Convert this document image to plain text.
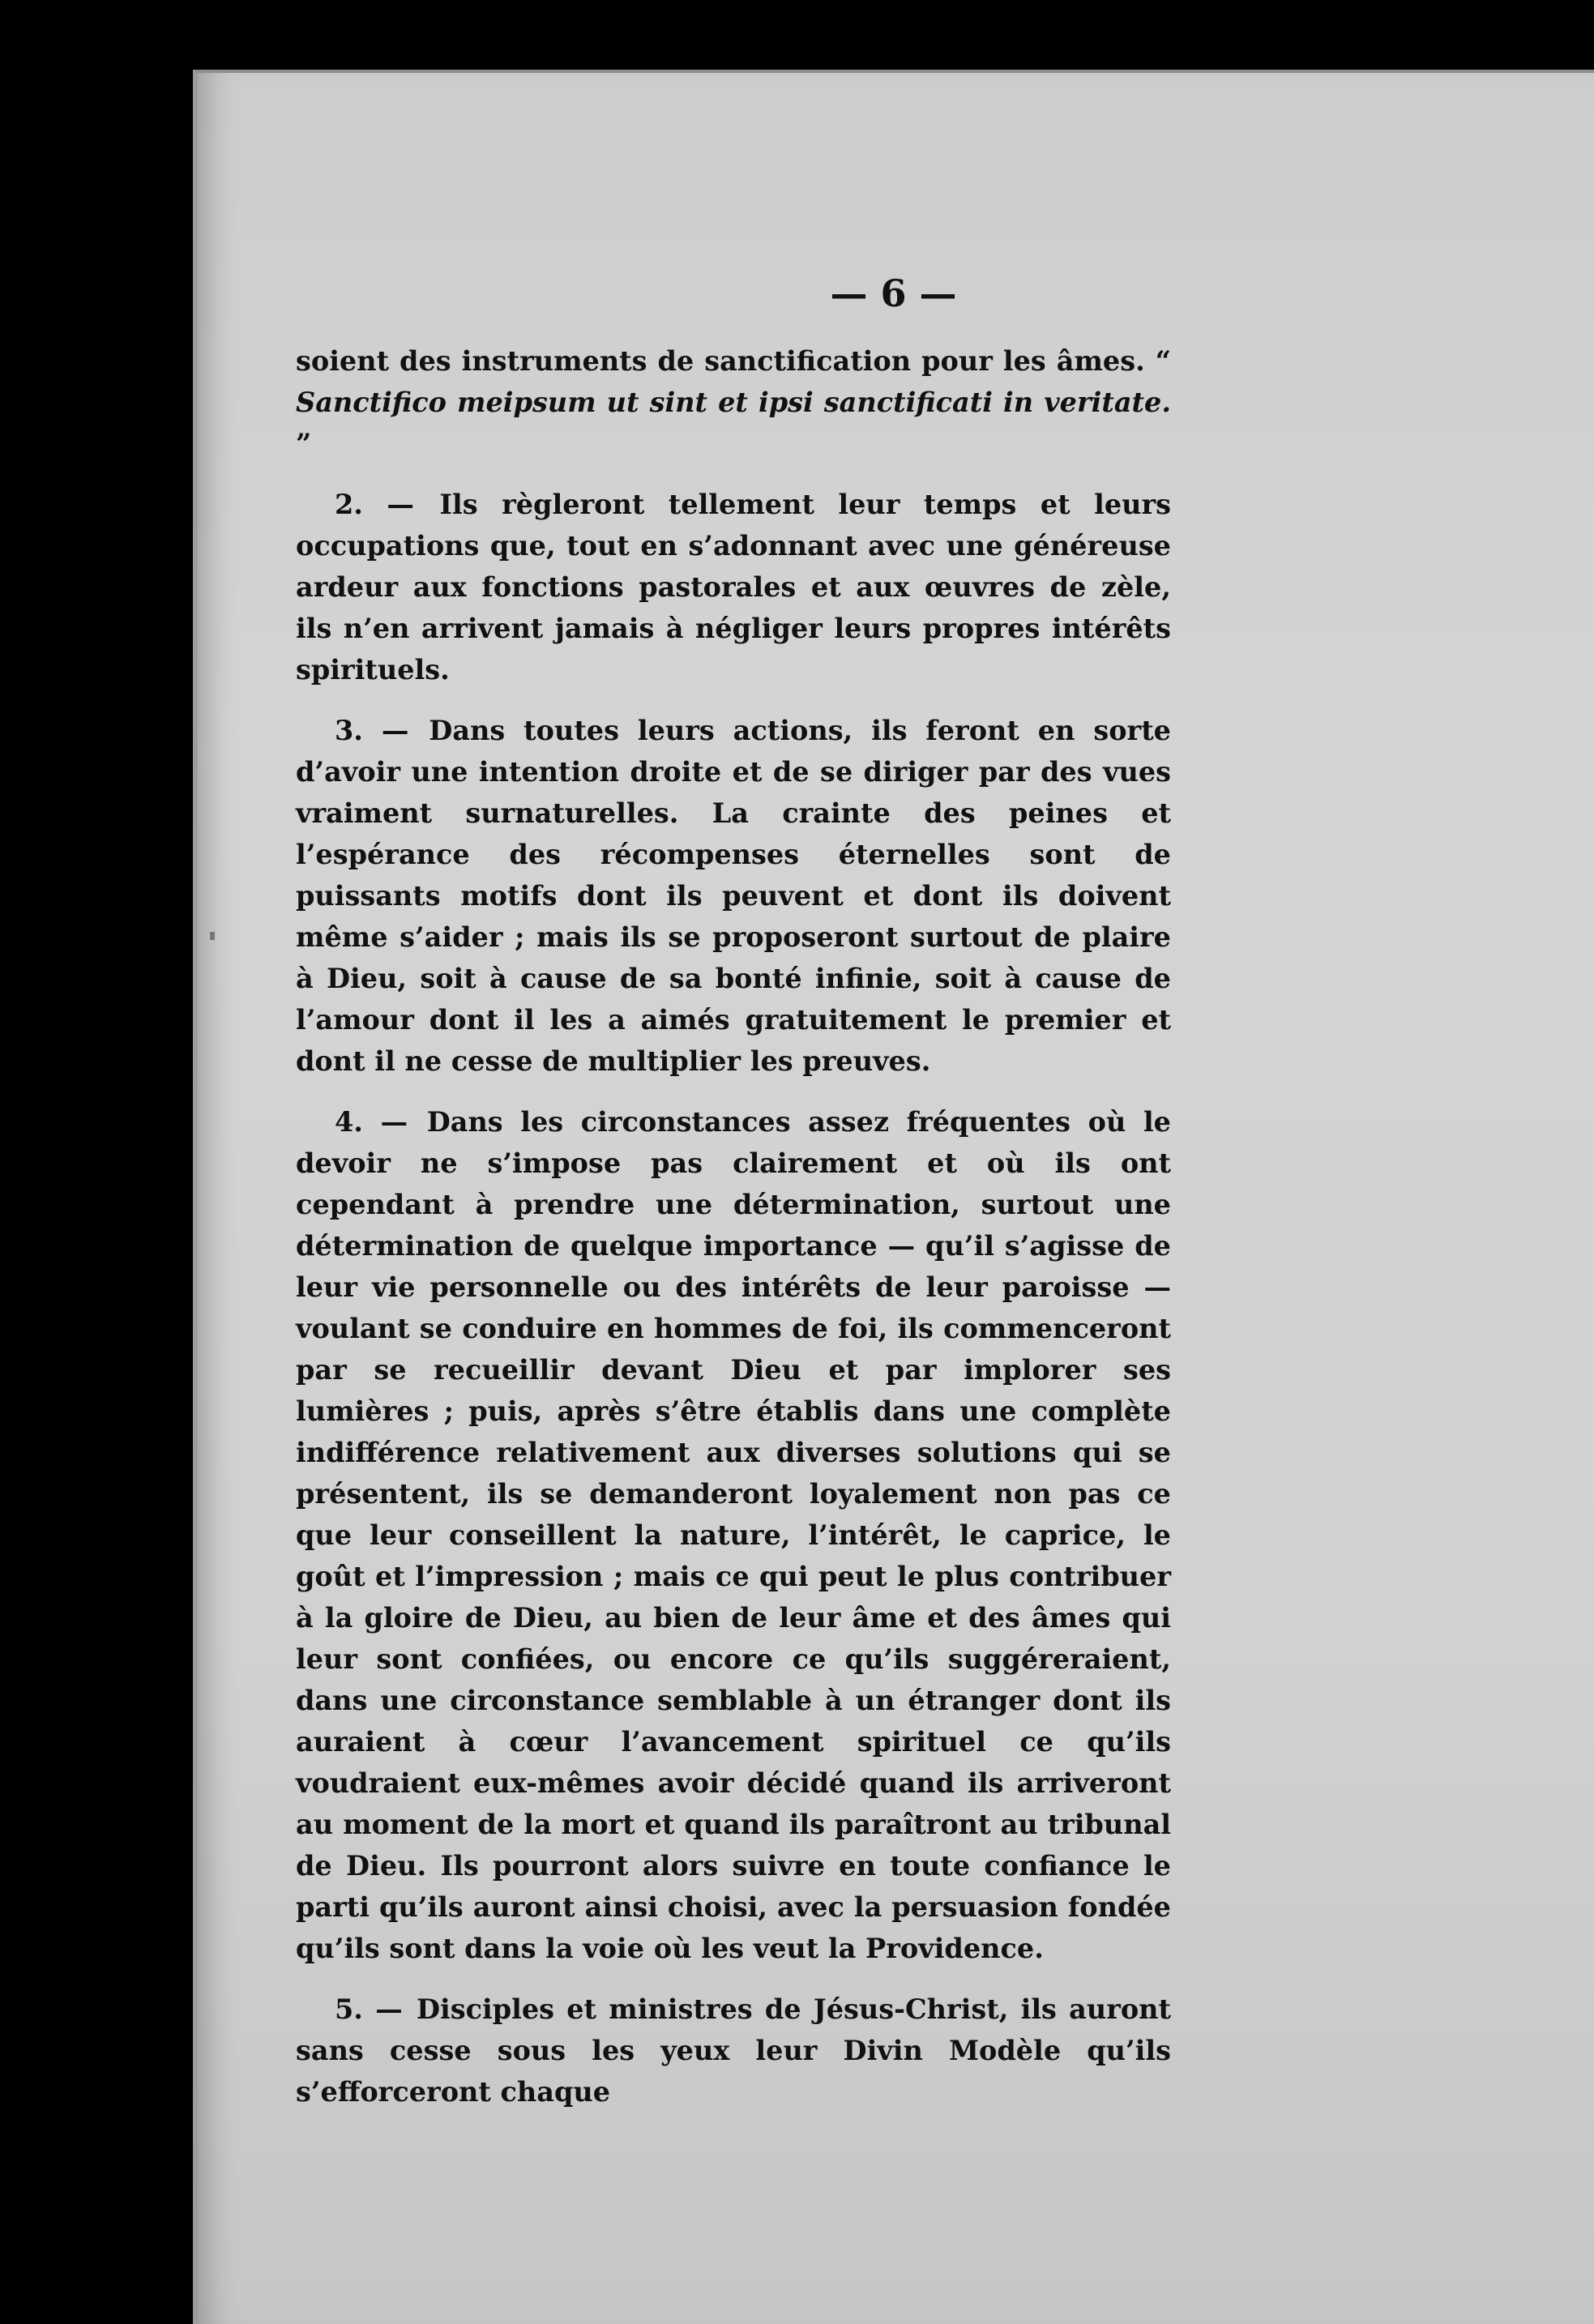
— 6 —

soient des instruments de sanctification pour les âmes. “ Sanctifico meipsum ut sint et ipsi sanctificati in veritate. ”

2. — Ils règleront tellement leur temps et leurs occupations que, tout en s’adonnant avec une généreuse ardeur aux fonctions pastorales et aux œuvres de zèle, ils n’en arrivent jamais à négliger leurs propres intérêts spirituels.

3. — Dans toutes leurs actions, ils feront en sorte d’avoir une intention droite et de se diriger par des vues vraiment surnaturelles. La crainte des peines et l’espérance des récompenses éternelles sont de puissants motifs dont ils peuvent et dont ils doivent même s’aider ; mais ils se proposeront surtout de plaire à Dieu, soit à cause de sa bonté infinie, soit à cause de l’amour dont il les a aimés gratuitement le premier et dont il ne cesse de multiplier les preuves.

4. — Dans les circonstances assez fréquentes où le devoir ne s’impose pas clairement et où ils ont cependant à prendre une détermination, surtout une détermination de quelque importance — qu’il s’agisse de leur vie personnelle ou des intérêts de leur paroisse — voulant se conduire en hommes de foi, ils commenceront par se recueillir devant Dieu et par implorer ses lumières ; puis, après s’être établis dans une complète indifférence relativement aux diverses solutions qui se présentent, ils se demanderont loyalement non pas ce que leur conseillent la nature, l’intérêt, le caprice, le goût et l’impression ; mais ce qui peut le plus contribuer à la gloire de Dieu, au bien de leur âme et des âmes qui leur sont confiées, ou encore ce qu’ils suggéreraient, dans une circonstance semblable à un étranger dont ils auraient à cœur l’avancement spirituel ce qu’ils voudraient eux-mêmes avoir décidé quand ils arriveront au moment de la mort et quand ils paraîtront au tribunal de Dieu. Ils pourront alors suivre en toute confiance le parti qu’ils auront ainsi choisi, avec la persuasion fondée qu’ils sont dans la voie où les veut la Providence.

5. — Disciples et ministres de Jésus-Christ, ils auront sans cesse sous les yeux leur Divin Modèle qu’ils s’efforceront chaque
